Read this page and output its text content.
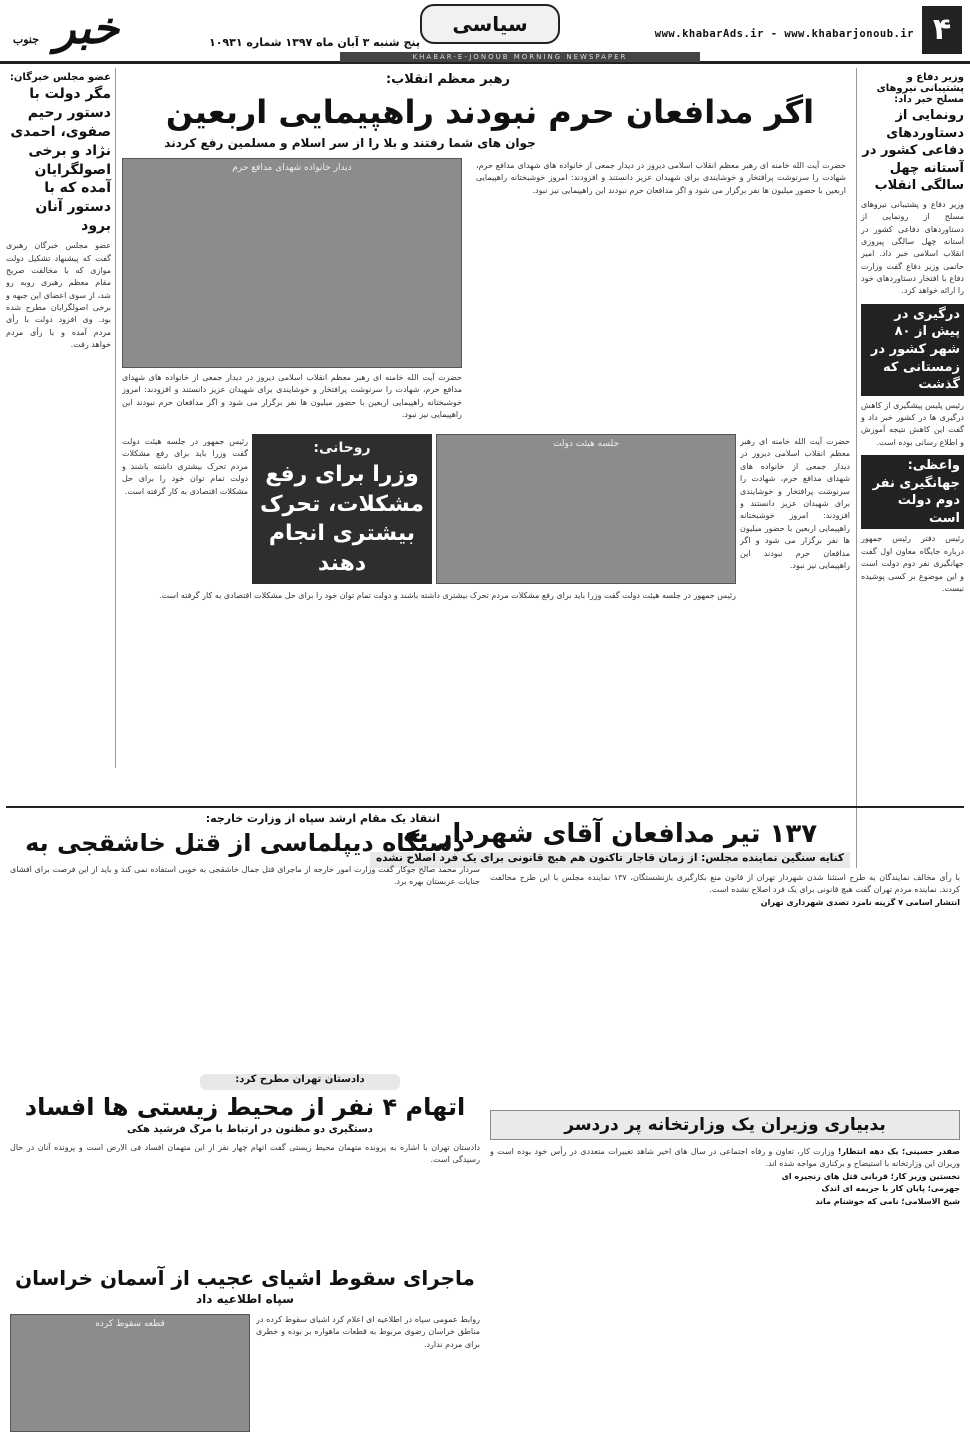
۴
www.khabarAds.ir - www.khabarjonoub.ir
سیاسی
پنج شنبه ۳ آبان ماه ۱۳۹۷ شماره ۱۰۹۳۱
خبر جنوب
KHABAR-E-JONOUB MORNING NEWSPAPER
وزیر دفاع و پشتیبانی نیروهای مسلح خبر داد:
رونمایی از دستاوردهای دفاعی کشور در آستانه چهل سالگی انقلاب
وزیر دفاع و پشتیبانی نیروهای مسلح از رونمایی از دستاوردهای دفاعی کشور در آستانه چهل سالگی پیروزی انقلاب اسلامی خبر داد. امیر حاتمی وزیر دفاع گفت وزارت دفاع با افتخار دستاوردهای خود را ارائه خواهد کرد.
درگیری در پیش از ۸۰ شهر کشور در زمستانی که گذشت
رئیس پلیس پیشگیری از کاهش درگیری ها در کشور خبر داد و گفت این کاهش نتیجه آموزش و اطلاع رسانی بوده است.
واعظی: جهانگیری نفر دوم دولت است
رئیس دفتر رئیس جمهور درباره جایگاه معاون اول گفت جهانگیری نفر دوم دولت است و این موضوع بر کسی پوشیده نیست.
عضو مجلس خبرگان:
مگر دولت با دستور رحیم صفوی، احمدی نژاد و برخی اصولگرایان آمده که با دستور آنان برود
عضو مجلس خبرگان رهبری گفت که پیشنهاد تشکیل دولت موازی که با مخالفت صریح مقام معظم رهبری روبه رو شد، از سوی اعضای این جبهه و برخی اصولگرایان مطرح شده بود. وی افزود دولت با رأی مردم آمده و با رأی مردم خواهد رفت.
رهبر معظم انقلاب:
اگر مدافعان حرم نبودند راهپیمایی اربعین
جوان های شما رفتند و بلا را از سر اسلام و مسلمین رفع کردند
دیدار خانواده شهدای مدافع حرم	حضرت آیت الله خامنه ای رهبر معظم انقلاب اسلامی دیروز در دیدار جمعی از خانواده های شهدای مدافع حرم، شهادت را سرنوشت پرافتخار و خوشایندی برای شهیدان عزیز دانستند و افزودند: امروز خوشبختانه راهپیمایی اربعین با حضور میلیون ها نفر برگزار می شود و اگر مدافعان حرم نبودند این راهپیمایی نیز نبود.
حضرت آیت الله خامنه ای رهبر معظم انقلاب اسلامی دیروز در دیدار جمعی از خانواده های شهدای مدافع حرم، شهادت را سرنوشت پرافتخار و خوشایندی برای شهیدان عزیز دانستند و افزودند: امروز خوشبختانه راهپیمایی اربعین با حضور میلیون ها نفر برگزار می شود و اگر مدافعان حرم نبودند این راهپیمایی نیز نبود.
روحانی:
وزرا برای رفع مشکلات، تحرک بیشتری انجام دهند
جلسه هیئت دولت
رئیس جمهور در جلسه هیئت دولت گفت وزرا باید برای رفع مشکلات مردم تحرک بیشتری داشته باشند و دولت تمام توان خود را برای حل مشکلات اقتصادی به کار گرفته است.
رئیس جمهور در جلسه هیئت دولت گفت وزرا باید برای رفع مشکلات مردم تحرک بیشتری داشته باشند و دولت تمام توان خود را برای حل مشکلات اقتصادی به کار گرفته است.
حضرت آیت الله خامنه ای رهبر معظم انقلاب اسلامی دیروز در دیدار جمعی از خانواده های شهدای مدافع حرم، شهادت را سرنوشت پرافتخار و خوشایندی برای شهیدان عزیز دانستند و افزودند: امروز خوشبختانه راهپیمایی اربعین با حضور میلیون ها نفر برگزار می شود و اگر مدافعان حرم نبودند این راهپیمایی نیز نبود.
۱۳۷ تیر مدافعان آقای شهردار به
کنایه سنگین نماینده مجلس: از زمان قاجار تاکنون هم هیچ قانونی برای یک فرد اصلاح نشده
با رأی مخالف نمایندگان به طرح استثنا شدن شهردار تهران از قانون منع بکارگیری بازنشستگان، ۱۳۷ نماینده مجلس با این طرح مخالفت کردند. نماینده مردم تهران گفت هیچ قانونی برای یک فرد اصلاح نشده است.
انتشار اسامی ۷ گزینه نامزد تصدی شهرداری تهران
انتقاد یک مقام ارشد سپاه از وزارت خارجه:
دستگاه دیپلماسی از قتل خاشقجی به
سردار محمد صالح جوکار گفت وزارت امور خارجه از ماجرای قتل جمال خاشقجی به خوبی استفاده نمی کند و باید از این فرصت برای افشای جنایات عربستان بهره برد.
دادستان تهران مطرح کرد:
اتهام ۴ نفر از محیط زیستی ها افساد
دستگیری دو مظنون در ارتباط با مرگ فرشید هکی
دادستان تهران با اشاره به پرونده متهمان محیط زیستی گفت اتهام چهار نفر از این متهمان افساد فی الارض است و پرونده آنان در حال رسیدگی است.
بدبیاری وزیران یک وزارتخانه پر دردسر
صفدر حسینی؛ یک دهه انتظار! وزارت کار، تعاون و رفاه اجتماعی در سال های اخیر شاهد تغییرات متعددی در رأس خود بوده است و وزیران این وزارتخانه با استیضاح و برکناری مواجه شده اند.
نخستین وزیر کار؛ قربانی قتل های زنجیره ای
جهرمی؛ پایان کار با جریمه ای اندک
شیخ الاسلامی؛ نامی که خوشنام ماند
ماجرای سقوط اشیای عجیب از آسمان خراسان
سپاه اطلاعیه داد
قطعه سقوط کرده	روابط عمومی سپاه در اطلاعیه ای اعلام کرد اشیای سقوط کرده در مناطق خراسان رضوی مربوط به قطعات ماهواره بر بوده و خطری برای مردم ندارد.
